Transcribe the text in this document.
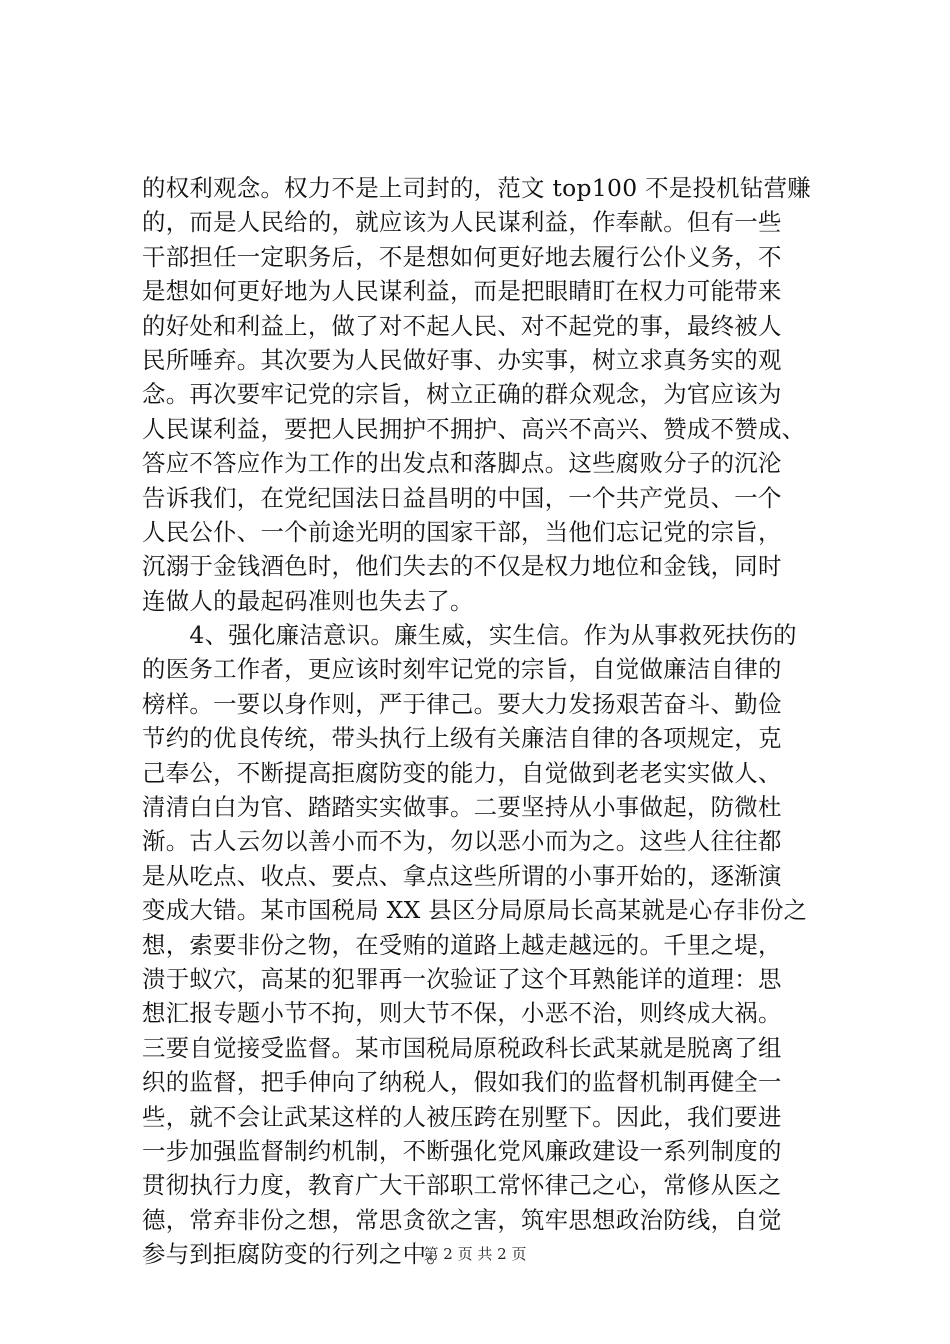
的权利观念。权力不是上司封的，范文 top100 不是投机钻营赚
的，而是人民给的，就应该为人民谋利益，作奉献。但有一些
干部担任一定职务后，不是想如何更好地去履行公仆义务，不
是想如何更好地为人民谋利益，而是把眼睛盯在权力可能带来
的好处和利益上，做了对不起人民、对不起党的事，最终被人
民所唾弃。其次要为人民做好事、办实事，树立求真务实的观
念。再次要牢记党的宗旨，树立正确的群众观念，为官应该为
人民谋利益，要把人民拥护不拥护、高兴不高兴、赞成不赞成、
答应不答应作为工作的出发点和落脚点。这些腐败分子的沉沦
告诉我们，在党纪国法日益昌明的中国，一个共产党员、一个
人民公仆、一个前途光明的国家干部，当他们忘记党的宗旨，
沉溺于金钱酒色时，他们失去的不仅是权力地位和金钱，同时
连做人的最起码准则也失去了。
　　4、强化廉洁意识。廉生威，实生信。作为从事救死扶伤的
的医务工作者，更应该时刻牢记党的宗旨，自觉做廉洁自律的
榜样。一要以身作则，严于律己。要大力发扬艰苦奋斗、勤俭
节约的优良传统，带头执行上级有关廉洁自律的各项规定，克
己奉公，不断提高拒腐防变的能力，自觉做到老老实实做人、
清清白白为官、踏踏实实做事。二要坚持从小事做起，防微杜
渐。古人云勿以善小而不为，勿以恶小而为之。这些人往往都
是从吃点、收点、要点、拿点这些所谓的小事开始的，逐渐演
变成大错。某市国税局 XX 县区分局原局长高某就是心存非份之
想，索要非份之物，在受贿的道路上越走越远的。千里之堤，
溃于蚁穴，高某的犯罪再一次验证了这个耳熟能详的道理：思
想汇报专题小节不拘，则大节不保，小恶不治，则终成大祸。
三要自觉接受监督。某市国税局原税政科长武某就是脱离了组
织的监督，把手伸向了纳税人，假如我们的监督机制再健全一
些，就不会让武某这样的人被压跨在别墅下。因此，我们要进
一步加强监督制约机制，不断强化党风廉政建设一系列制度的
贯彻执行力度，教育广大干部职工常怀律己之心，常修从医之
德，常弃非份之想，常思贪欲之害，筑牢思想政治防线，自觉
参与到拒腐防变的行列之中。
第 2 页 共 2 页
